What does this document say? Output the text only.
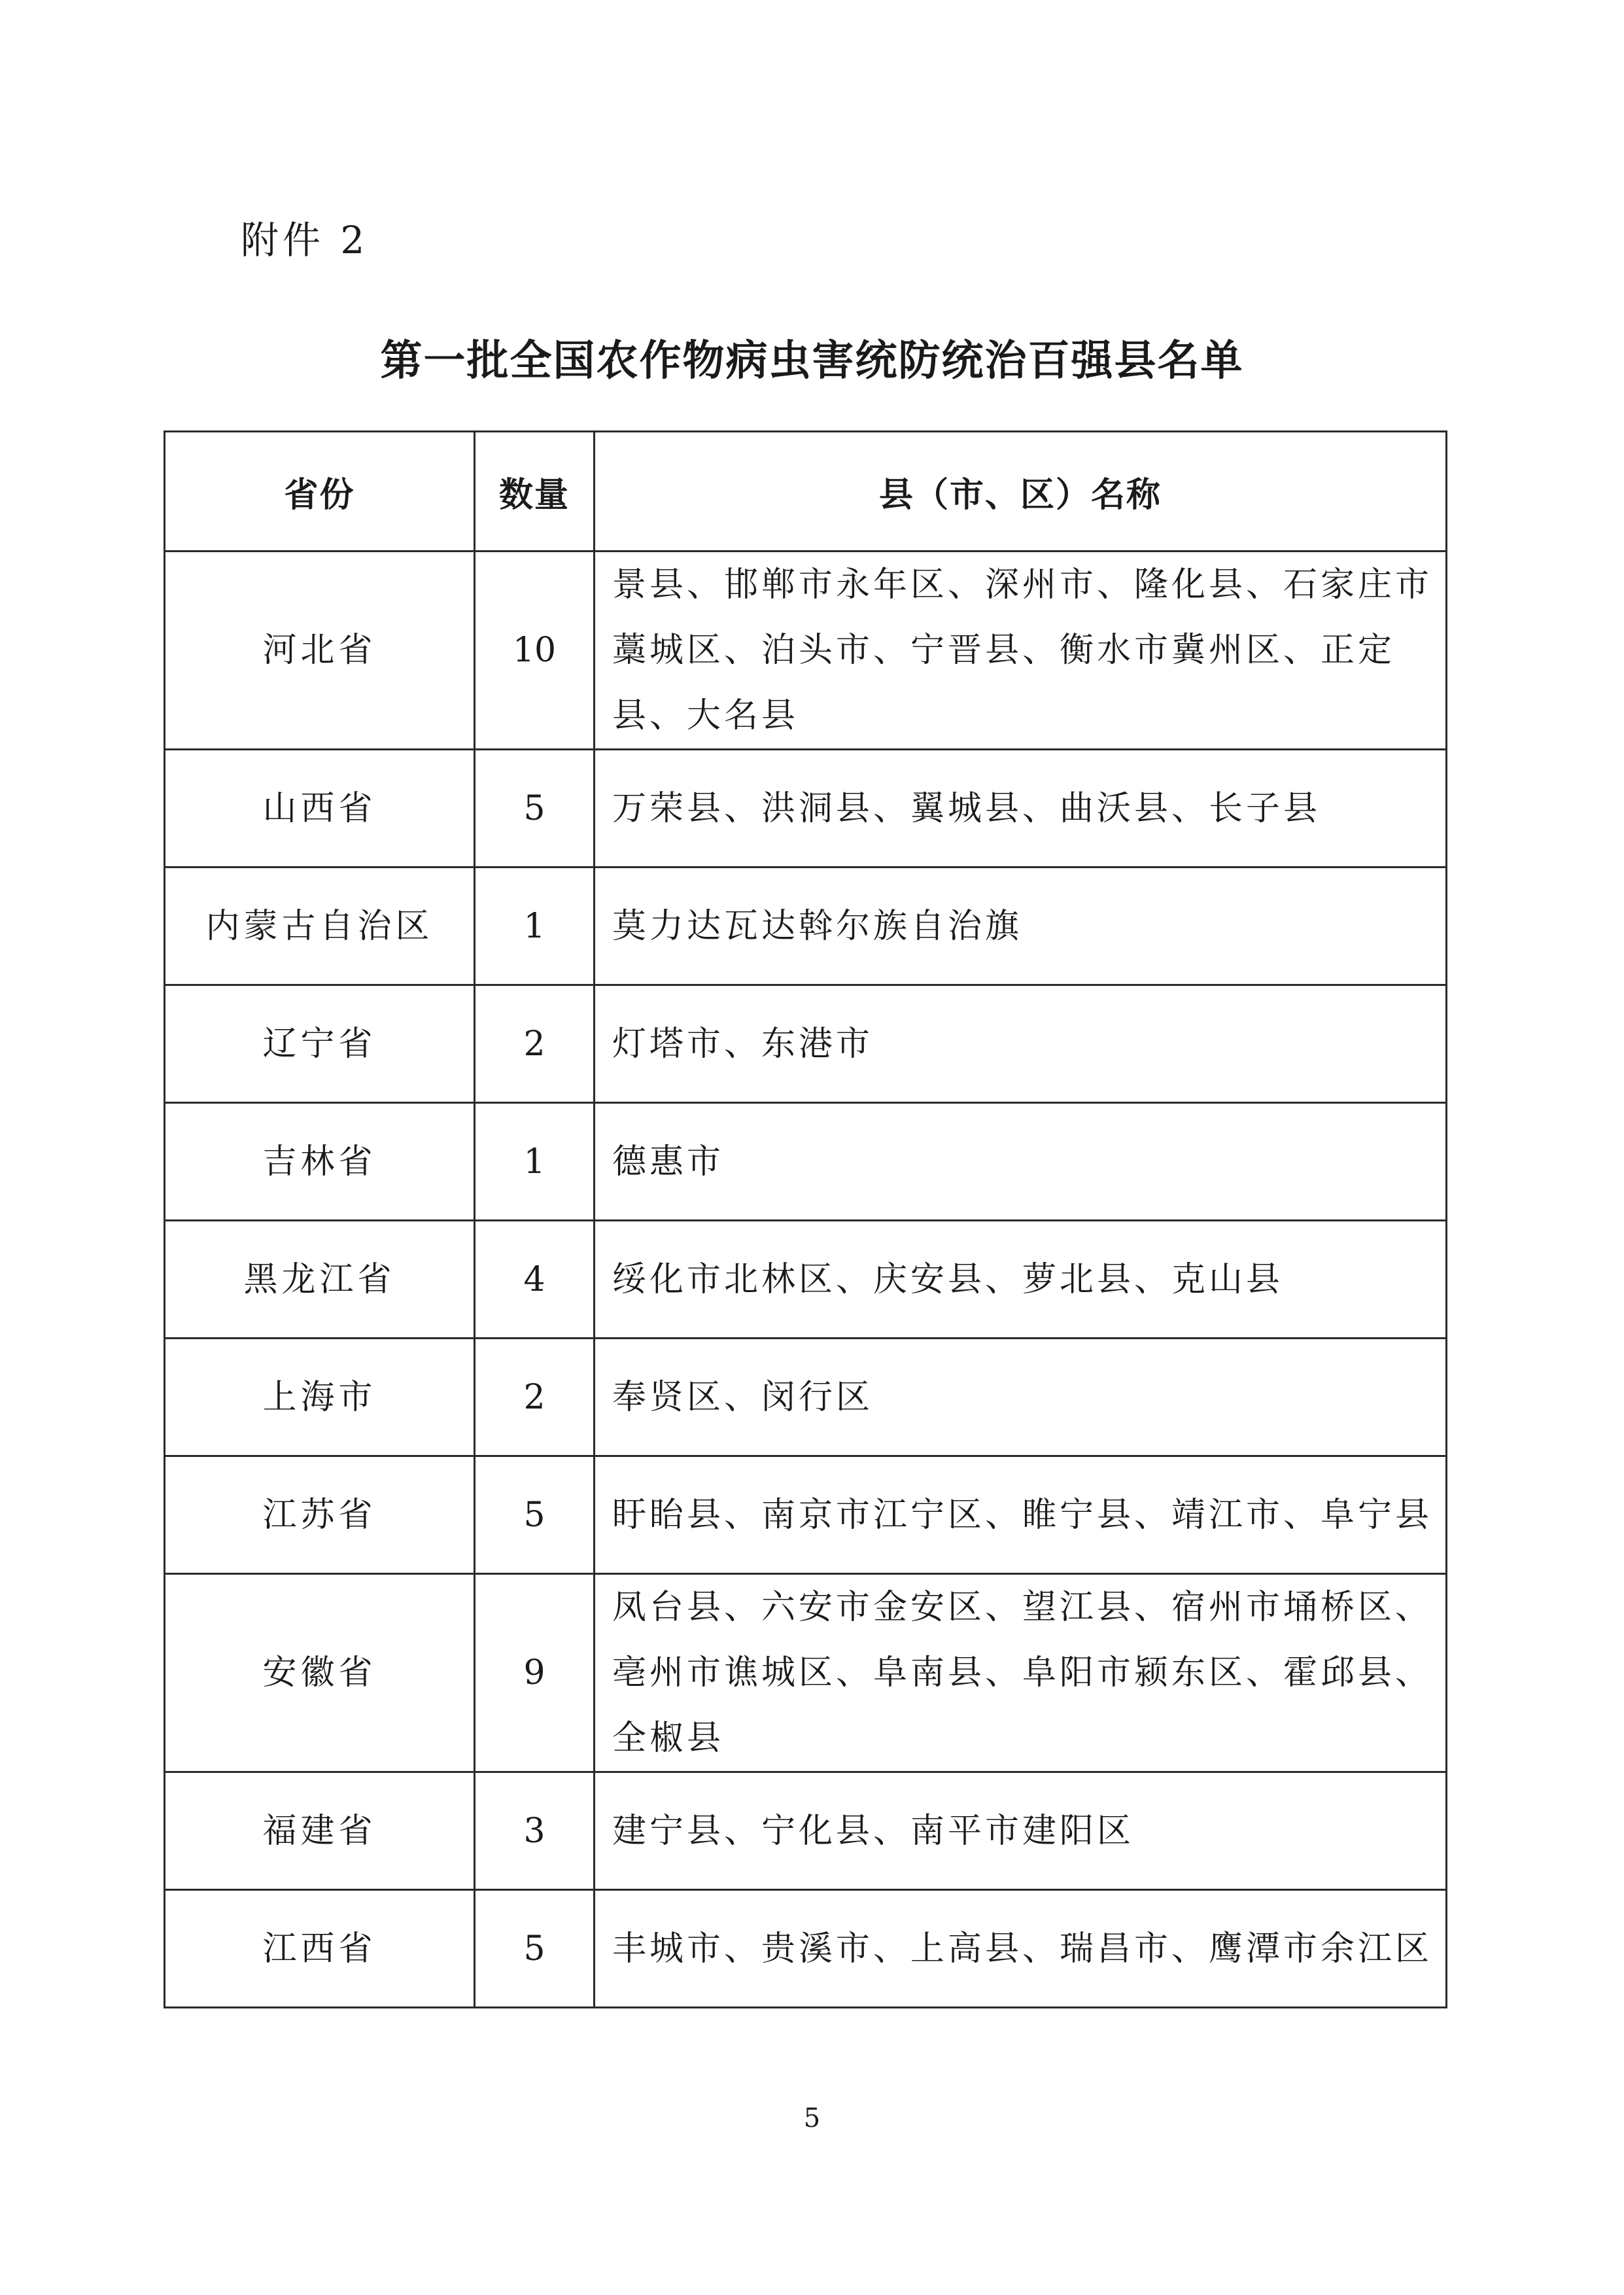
附件 2
第一批全国农作物病虫害统防统治百强县名单
省份	数量	县（市、区）名称
河北省	10	景县、邯郸市永年区、深州市、隆化县、石家庄市藁城区、泊头市、宁晋县、衡水市冀州区、正定县、大名县
山西省	5	万荣县、洪洞县、翼城县、曲沃县、长子县
内蒙古自治区	1	莫力达瓦达斡尔族自治旗
辽宁省	2	灯塔市、东港市
吉林省	1	德惠市
黑龙江省	4	绥化市北林区、庆安县、萝北县、克山县
上海市	2	奉贤区、闵行区
江苏省	5	盱眙县、南京市江宁区、睢宁县、靖江市、阜宁县
安徽省	9	凤台县、六安市金安区、望江县、宿州市埇桥区、亳州市谯城区、阜南县、阜阳市颍东区、霍邱县、全椒县
福建省	3	建宁县、宁化县、南平市建阳区
江西省	5	丰城市、贵溪市、上高县、瑞昌市、鹰潭市余江区
5
